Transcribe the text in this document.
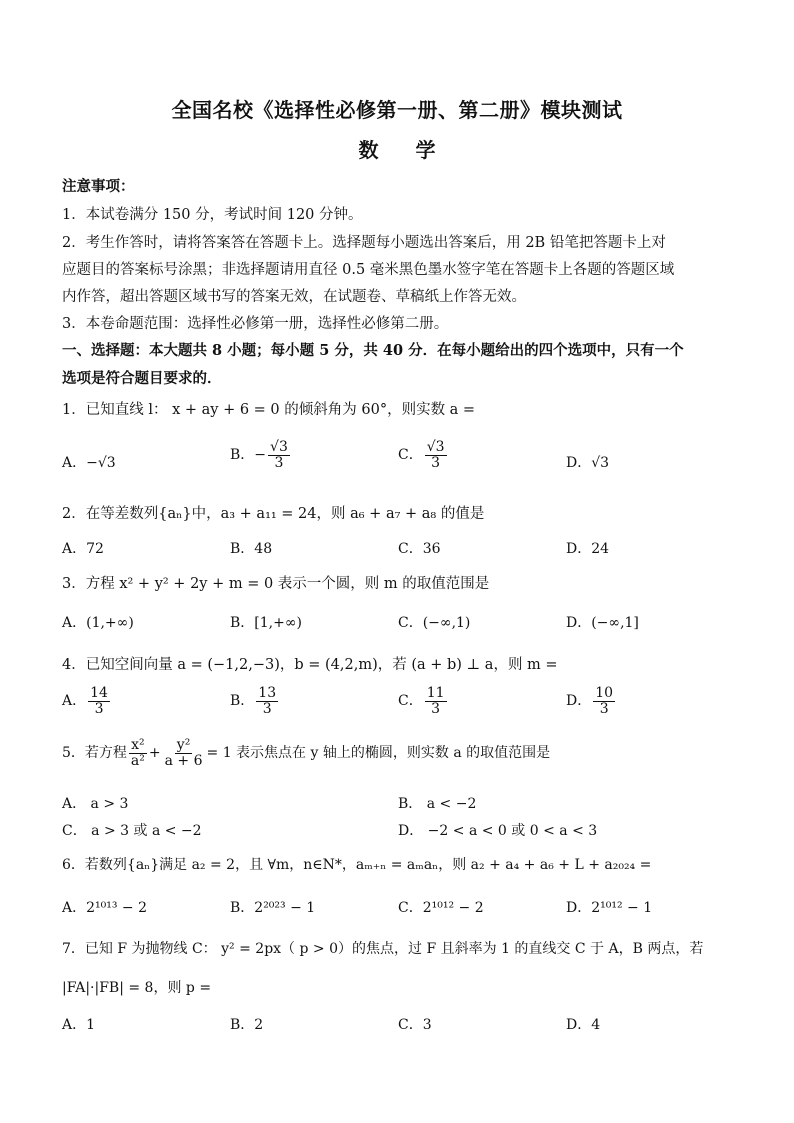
全国名校《选择性必修第一册、第二册》模块测试
数 学
注意事项：
1．本试卷满分 150 分，考试时间 120 分钟。
2．考生作答时，请将答案答在答题卡上。选择题每小题选出答案后，用 2B 铅笔把答题卡上对
应题目的答案标号涂黑；非选择题请用直径 0.5 毫米黑色墨水签字笔在答题卡上各题的答题区域
内作答，超出答题区域书写的答案无效，在试题卷、草稿纸上作答无效。
3．本卷命题范围：选择性必修第一册，选择性必修第二册。
一、选择题：本大题共 8 小题；每小题 5 分，共 40 分．在每小题给出的四个选项中，只有一个
选项是符合题目要求的．
1．已知直线 l： x + ay + 6 = 0 的倾斜角为 60°，则实数 a =
A．−√3	B．− $\frac{√3}{3}$	C． $\frac{√3}{3}$	D．√3
2．在等差数列{aₙ}中，a₃ + a₁₁ = 24，则 a₆ + a₇ + a₈ 的值是
A．72	B．48	C．36	D．24
3．方程 x² + y² + 2y + m = 0 表示一个圆，则 m 的取值范围是
A．(1,+∞)	B．[1,+∞)	C．(−∞,1)	D．(−∞,1]
4．已知空间向量 a = (−1,2,−3)，b = (4,2,m)，若 (a + b) ⊥ a，则 m =
A． $\frac{14}{3}$	B． $\frac{13}{3}$	C． $\frac{11}{3}$	D． $\frac{10}{3}$
5．若方程 $\frac{\text{x²}}{\text{a²}} + \frac{\text{y²}}{a + 6} = 1$ 表示焦点在 y 轴上的椭圆，则实数 a 的取值范围是
A． a > 3	B． a < −2
C． a > 3 或 a < −2	D． −2 < a < 0 或 0 < a < 3
6．若数列{aₙ}满足 a₂ = 2，且 ∀m，n∈N*，aₘ₊ₙ = aₘaₙ，则 a₂ + a₄ + a₆ + L + a₂₀₂₄ =
A．2¹⁰¹³ − 2	B．2²⁰²³ − 1	C．2¹⁰¹² − 2	D．2¹⁰¹² − 1
7．已知 F 为抛物线 C： y² = 2px（ p > 0）的焦点，过 F 且斜率为 1 的直线交 C 于 A，B 两点，若
|FA|·|FB| = 8，则 p =
A．1	B．2	C．3	D．4
